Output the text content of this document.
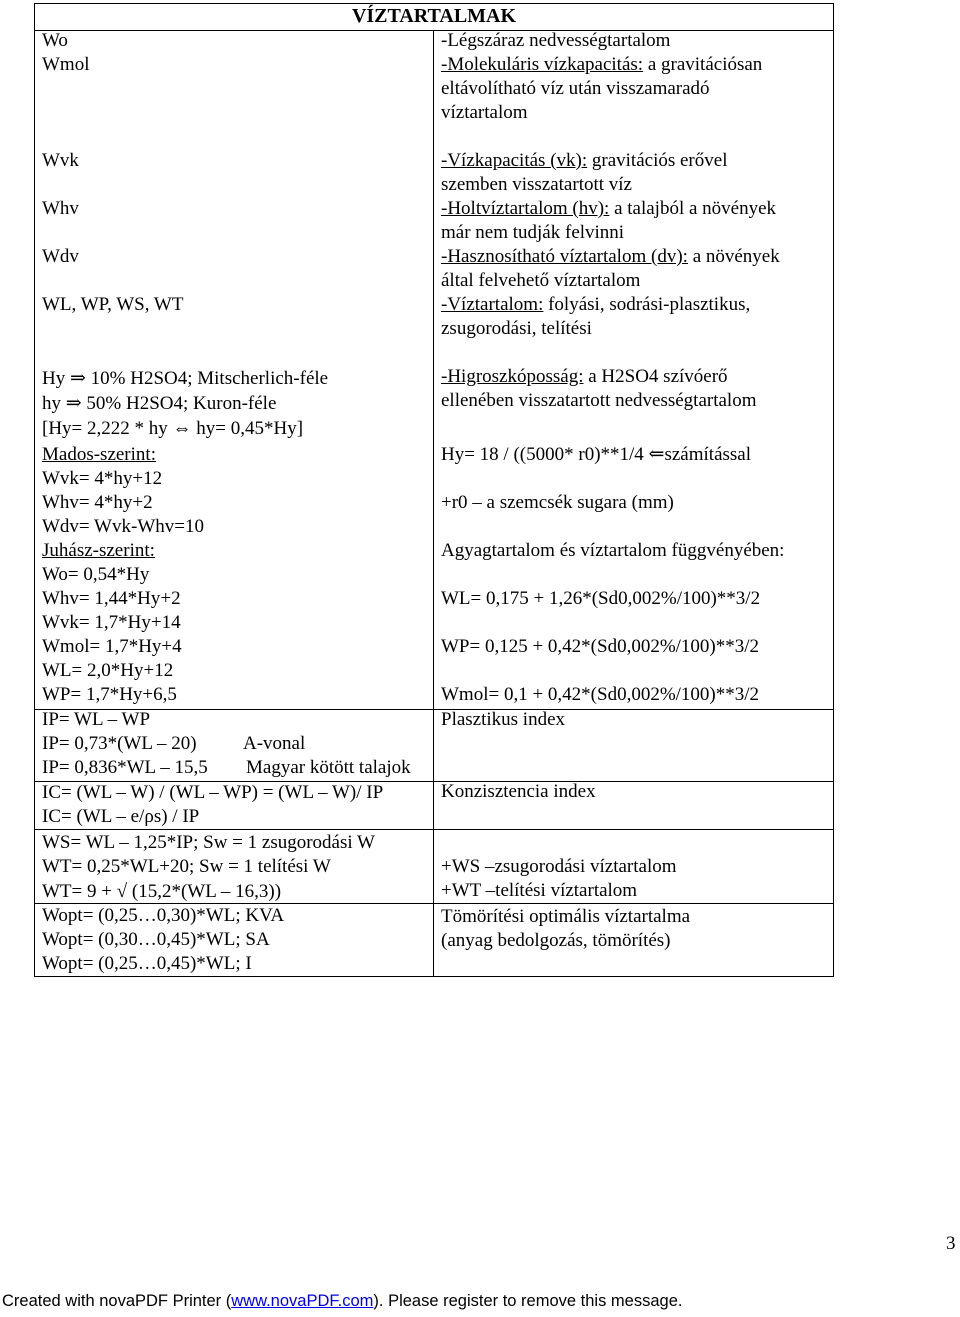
VÍZTARTALMAK
Wo
Wmol
Wvk
Whv
Wdv
WL, WP, WS, WT
Hy ⇒ 10% H2SO4; Mitscherlich-féle
hy ⇒ 50% H2SO4; Kuron-féle
[Hy= 2,222 * hy ⇔ hy= 0,45*Hy]
Mados-szerint:
Wvk= 4*hy+12
Whv= 4*hy+2
Wdv= Wvk-Whv=10
Juhász-szerint:
Wo= 0,54*Hy
Whv= 1,44*Hy+2
Wvk= 1,7*Hy+14
Wmol= 1,7*Hy+4
WL= 2,0*Hy+12
WP= 1,7*Hy+6,5
IP= WL – WP
IP= 0,73*(WL – 20) A-vonal
IP= 0,836*WL – 15,5 Magyar kötött talajok
IC= (WL – W) / (WL – WP) = (WL – W)/ IP
IC= (WL – e/ρs) / IP
WS= WL – 1,25*IP; Sw = 1 zsugorodási W
WT= 0,25*WL+20; Sw = 1 telítési W
WT= 9 + √ (15,2*(WL – 16,3))
Wopt= (0,25…0,30)*WL; KVA
Wopt= (0,30…0,45)*WL; SA
Wopt= (0,25…0,45)*WL; I
-Légszáraz nedvességtartalom
-Molekuláris vízkapacitás: a gravitációsan
eltávolítható víz után visszamaradó
víztartalom
-Vízkapacitás (vk): gravitációs erővel
szemben visszatartott víz
-Holtvíztartalom (hv): a talajból a növények
már nem tudják felvinni
-Hasznosítható víztartalom (dv): a növények
által felvehető víztartalom
-Víztartalom: folyási, sodrási-plasztikus,
zsugorodási, telítési
-Higroszkóposság: a H2SO4 szívóerő
ellenében visszatartott nedvességtartalom
Hy= 18 / ((5000* r0)**1/4 ⇐számítással
+r0 – a szemcsék sugara (mm)
Agyagtartalom és víztartalom függvényében:
WL= 0,175 + 1,26*(Sd0,002%/100)**3/2
WP= 0,125 + 0,42*(Sd0,002%/100)**3/2
Wmol= 0,1 + 0,42*(Sd0,002%/100)**3/2
Plasztikus index
Konzisztencia index
+WS –zsugorodási víztartalom
+WT –telítési víztartalom
Tömörítési optimális víztartalma
(anyag bedolgozás, tömörítés)
3
Created with novaPDF Printer (www.novaPDF.com). Please register to remove this message.
